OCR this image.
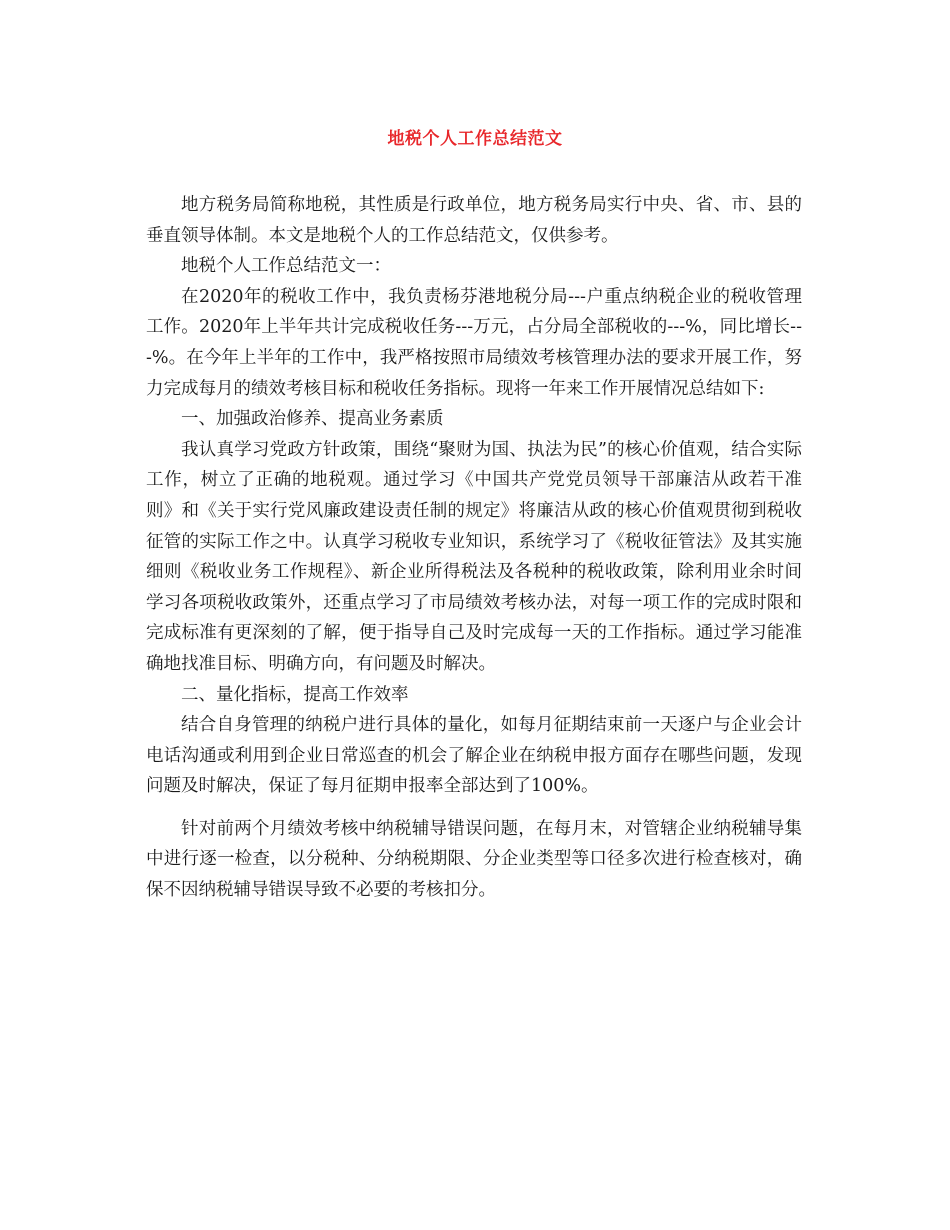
地税个人工作总结范文

地方税务局简称地税，其性质是行政单位，地方税务局实行中央、省、市、县的垂直领导体制。本文是地税个人的工作总结范文，仅供参考。

地税个人工作总结范文一：

在2020年的税收工作中，我负责杨芬港地税分局---户重点纳税企业的税收管理工作。2020年上半年共计完成税收任务---万元，占分局全部税收的---%，同比增长---%。在今年上半年的工作中，我严格按照市局绩效考核管理办法的要求开展工作，努力完成每月的绩效考核目标和税收任务指标。现将一年来工作开展情况总结如下:

一、加强政治修养、提高业务素质

我认真学习党政方针政策，围绕“聚财为国、执法为民”的核心价值观，结合实际工作，树立了正确的地税观。通过学习《中国共产党党员领导干部廉洁从政若干准则》和《关于实行党风廉政建设责任制的规定》将廉洁从政的核心价值观贯彻到税收征管的实际工作之中。认真学习税收专业知识，系统学习了《税收征管法》及其实施细则《税收业务工作规程》、新企业所得税法及各税种的税收政策，除利用业余时间学习各项税收政策外，还重点学习了市局绩效考核办法，对每一项工作的完成时限和完成标准有更深刻的了解，便于指导自己及时完成每一天的工作指标。通过学习能准确地找准目标、明确方向，有问题及时解决。

二、量化指标，提高工作效率

结合自身管理的纳税户进行具体的量化，如每月征期结束前一天逐户与企业会计电话沟通或利用到企业日常巡查的机会了解企业在纳税申报方面存在哪些问题，发现问题及时解决，保证了每月征期申报率全部达到了100%。

针对前两个月绩效考核中纳税辅导错误问题，在每月末，对管辖企业纳税辅导集中进行逐一检查，以分税种、分纳税期限、分企业类型等口径多次进行检查核对，确保不因纳税辅导错误导致不必要的考核扣分。
